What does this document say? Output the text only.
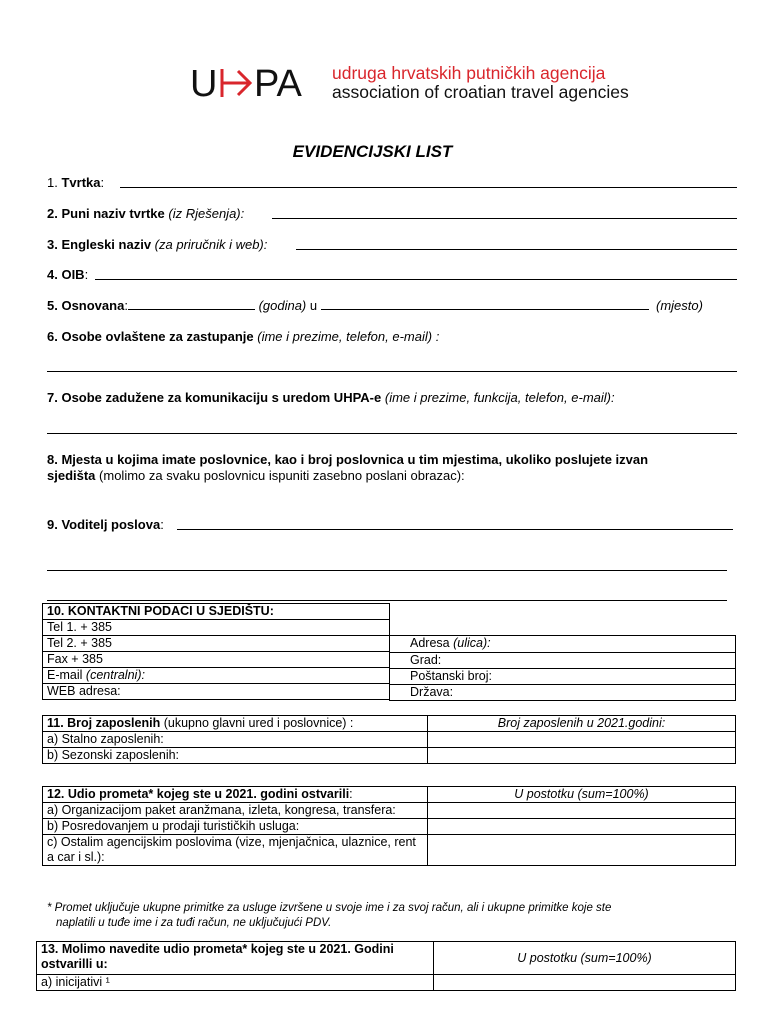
U PA udruga hrvatskih putničkih agencija
association of croatian travel agencies
EVIDENCIJSKI LIST
1. Tvrtka:
2. Puni naziv tvrtke (iz Rješenja):
3. Engleski naziv (za priručnik i web):
4. OIB:
5. Osnovana:	(godina) u	(mjesto)
6. Osobe ovlaštene za zastupanje (ime i prezime, telefon, e-mail) :
7. Osobe zadužene za komunikaciju s uredom UHPA-e (ime i prezime, funkcija, telefon, e-mail):
8. Mjesta u kojima imate poslovnice, kao i broj poslovnica u tim mjestima, ukoliko poslujete izvan
sjedišta (molimo za svaku poslovnicu ispuniti zasebno poslani obrazac):
9. Voditelj poslova:
10. KONTAKTNI PODACI U SJEDIŠTU:
Tel 1. + 385
Tel 2. + 385
Fax + 385
E-mail (centralni):
WEB adresa:
Adresa (ulica):
Grad:
Poštanski broj:
Država:
11. Broj zaposlenih (ukupno glavni ured i poslovnice) :	Broj zaposlenih u 2021.godini:
a) Stalno zaposlenih:	
b) Sezonski zaposlenih:	
12. Udio prometa* kojeg ste u 2021. godini ostvarili:	U postotku (sum=100%)
a) Organizacijom paket aranžmana, izleta, kongresa, transfera:	
b) Posredovanjem u prodaji turističkih usluga:	
c) Ostalim agencijskim poslovima (vize, mjenjačnica, ulaznice, rent a car i sl.):	
* Promet uključuje ukupne primitke za usluge izvršene u svoje ime i za svoj račun, ali i ukupne primitke koje ste
naplatili u tuđe ime i za tuđi račun, ne uključujući PDV.
13. Molimo navedite udio prometa* kojeg ste u 2021. Godini ostvarilli u:	U postotku (sum=100%)
a) inicijativi ¹	
